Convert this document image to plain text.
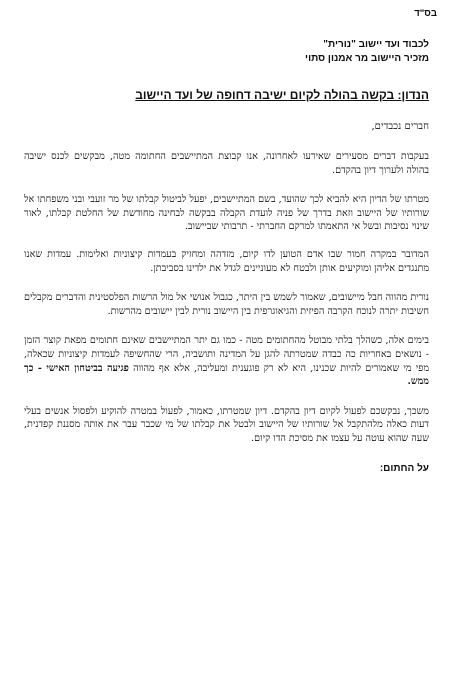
בס"ד
לכבוד ועד יישוב "נורית"
מזכיר היישוב מר אמנון סתוי
הנדון: בקשה בהולה לקיום ישיבה דחופה של ועד היישוב
חברים נכבדים,
בעקבות דברים מסעירים שאירעו לאחרונה, אנו קבוצת המתיישבים החתומה מטה, מבקשים לכנס ישיבה בהולה ולערוך דיון בהקדם.
מטרתו של הדיון היא להביא לכך שהועד, בשם המתיישבים, יפעל לביטול קבלתו של מר זועבי ובני משפחתו אל שורותיו של היישוב וזאת בדרך של פניה לועדת הקבלה בבקשה לבחינה מחודשת של החלטת קבלתו, לאור שינוי נסיבות ובשל אי התאמתו למרקם החברתי - תרבותי שביישוב.
המדובר במקרה חמור שבו אדם הטוען לדו קיום, מזדהה ומחזיק בעמדות קיצוניות ואלימות. עמדות שאנו מתנגדים אליהן ומוקיעים אותן ולבטח לא מעוניינים לגדל את ילדינו בסביבתן.
נורית מהווה חבל מיישובים, שאמור לשמש בין היתר, כגבול אנושי אל מול הרשות הפלסטינית והדברים מקבלים חשיבות יתרה לנוכח הקרבה הפיזית והגיאוגרפית בין היישוב נורית לבין יישובים מהרשות.
בימים אלה, כשהלך בלתי מבוטל מהחתומים מטה - כמו גם יתר המתיישבים שאינם חתומים מפאת קוצר הזמן - נושאים באחריות כה כבדה שמטרתה להגן על המדינה ותושביה, הרי שהחשיפה לעמדות קיצוניות שכאלה, מפי מי שאמורים להיות שכנינו, היא לא רק פוגענית ומעליבה, אלא אף מהווה פגיעה בביטחון האישי - כך ממש.
משכך, נבקשכם לפעול לקיום דיון בהקדם. דיון שמטרתו, כאמור, לפעול במטרה להוקיע ולפסול אנשים בעלי דעות כאלה מלהתקבל אל שורותיו של היישוב ולבטל את קבלתו של מי שכבר עבר את אותה מסננת קפדנית, שעה שהוא עוטה על עצמו את מסיכת הדו קיום.
על החתום:
